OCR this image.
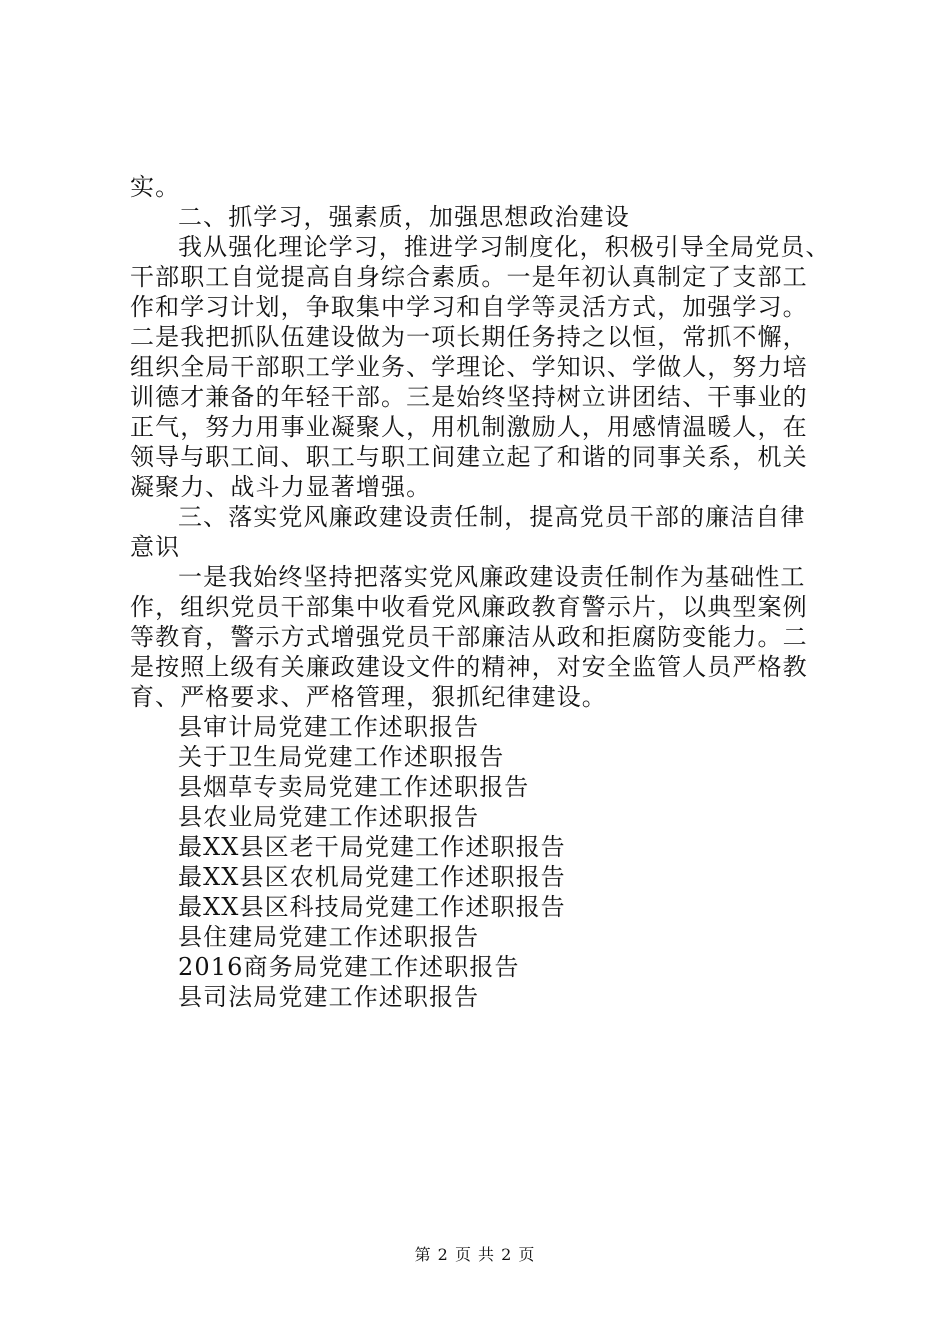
实。
二、抓学习，强素质，加强思想政治建设
我从强化理论学习，推进学习制度化，积极引导全局党员、
干部职工自觉提高自身综合素质。一是年初认真制定了支部工
作和学习计划，争取集中学习和自学等灵活方式，加强学习。
二是我把抓队伍建设做为一项长期任务持之以恒，常抓不懈，
组织全局干部职工学业务、学理论、学知识、学做人，努力培
训德才兼备的年轻干部。三是始终坚持树立讲团结、干事业的
正气，努力用事业凝聚人，用机制激励人，用感情温暖人，在
领导与职工间、职工与职工间建立起了和谐的同事关系，机关
凝聚力、战斗力显著增强。
三、落实党风廉政建设责任制，提高党员干部的廉洁自律
意识
一是我始终坚持把落实党风廉政建设责任制作为基础性工
作，组织党员干部集中收看党风廉政教育警示片，以典型案例
等教育，警示方式增强党员干部廉洁从政和拒腐防变能力。二
是按照上级有关廉政建设文件的精神，对安全监管人员严格教
育、严格要求、严格管理，狠抓纪律建设。
县审计局党建工作述职报告
关于卫生局党建工作述职报告
县烟草专卖局党建工作述职报告
县农业局党建工作述职报告
最XX县区老干局党建工作述职报告
最XX县区农机局党建工作述职报告
最XX县区科技局党建工作述职报告
县住建局党建工作述职报告
2016商务局党建工作述职报告
县司法局党建工作述职报告
第 2 页 共 2 页
